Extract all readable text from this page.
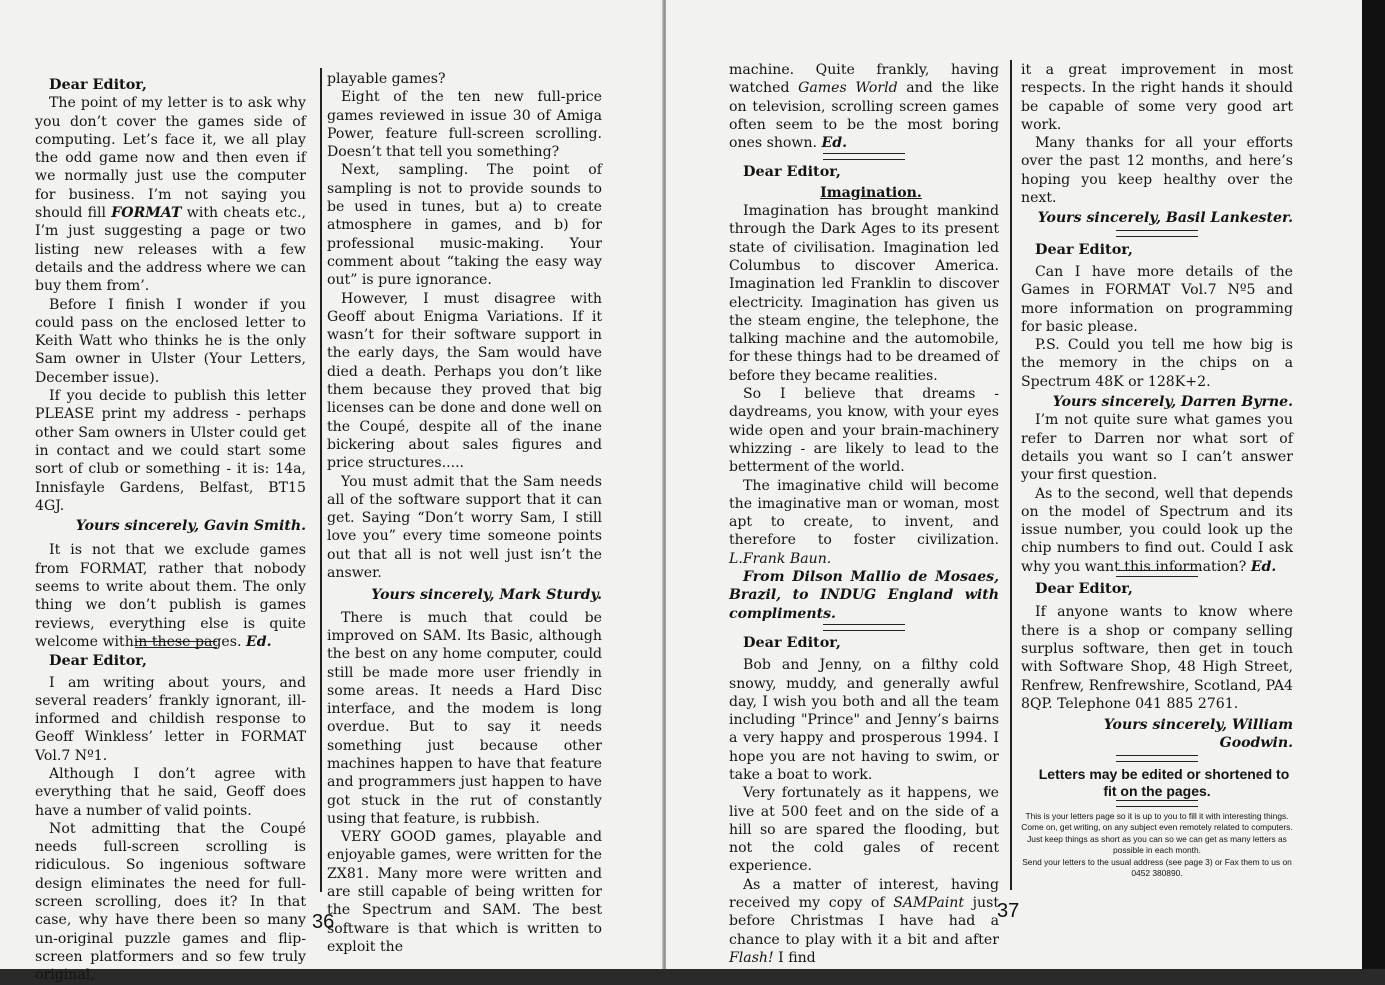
Dear Editor,

The point of my letter is to ask why you don’t cover the games side of computing. Let’s face it, we all play the odd game now and then even if we normally just use the computer for business. I’m not saying you should fill FORMAT with cheats etc., I’m just suggesting a page or two listing new releases with a few details and the address where we can buy them from’.

Before I finish I wonder if you could pass on the enclosed letter to Keith Watt who thinks he is the only Sam owner in Ulster (Your Letters, December issue).

If you decide to publish this letter PLEASE print my address - perhaps other Sam owners in Ulster could get in contact and we could start some sort of club or something - it is: 14a, Innisfayle Gardens, Belfast, BT15 4GJ.

Yours sincerely, Gavin Smith.

It is not that we exclude games from FORMAT, rather that nobody seems to write about them. The only thing we don’t publish is games reviews, everything else is quite welcome within these pages. Ed.

Dear Editor,

I am writing about yours, and several readers’ frankly ignorant, ill-informed and childish response to Geoff Winkless’ letter in FORMAT Vol.7 Nº1.

Although I don’t agree with everything that he said, Geoff does have a number of valid points.

Not admitting that the Coupé needs full-screen scrolling is ridiculous. So ingenious software design eliminates the need for full-screen scrolling, does it? In that case, why have there been so many un-original puzzle games and flip-screen platformers and so few truly original,

playable games?

Eight of the ten new full-price games reviewed in issue 30 of Amiga Power, feature full-screen scrolling. Doesn’t that tell you something?

Next, sampling. The point of sampling is not to provide sounds to be used in tunes, but a) to create atmosphere in games, and b) for professional music-making. Your comment about “taking the easy way out” is pure ignorance.

However, I must disagree with Geoff about Enigma Variations. If it wasn’t for their software support in the early days, the Sam would have died a death. Perhaps you don’t like them because they proved that big licenses can be done and done well on the Coupé, despite all of the inane bickering about sales figures and price structures.....

You must admit that the Sam needs all of the software support that it can get. Saying “Don’t worry Sam, I still love you” every time someone points out that all is not well just isn’t the answer.

Yours sincerely, Mark Sturdy.

There is much that could be improved on SAM. Its Basic, although the best on any home computer, could still be made more user friendly in some areas. It needs a Hard Disc interface, and the modem is long overdue. But to say it needs something just because other machines happen to have that feature and programmers just happen to have got stuck in the rut of constantly using that feature, is rubbish.

VERY GOOD games, playable and enjoyable games, were written for the ZX81. Many more were written and are still capable of being written for the Spectrum and SAM. The best software is that which is written to exploit the

36

machine. Quite frankly, having watched Games World and the like on television, scrolling screen games often seem to be the most boring ones shown. Ed.

Dear Editor,

Imagination.

Imagination has brought mankind through the Dark Ages to its present state of civilisation. Imagination led Columbus to discover America. Imagination led Franklin to discover electricity. Imagination has given us the steam engine, the telephone, the talking machine and the automobile, for these things had to be dreamed of before they became realities.

So I believe that dreams - daydreams, you know, with your eyes wide open and your brain-machinery whizzing - are likely to lead to the betterment of the world.

The imaginative child will become the imaginative man or woman, most apt to create, to invent, and therefore to foster civilization. L.Frank Baun.

From Dilson Mallio de Mosaes, Brazil, to INDUG England with compliments.

Dear Editor,

Bob and Jenny, on a filthy cold snowy, muddy, and generally awful day, I wish you both and all the team including "Prince" and Jenny’s bairns a very happy and prosperous 1994. I hope you are not having to swim, or take a boat to work.

Very fortunately as it happens, we live at 500 feet and on the side of a hill so are spared the flooding, but not the cold gales of recent experience.

As a matter of interest, having received my copy of SAMPaint just before Christmas I have had a chance to play with it a bit and after Flash! I find

it a great improvement in most respects. In the right hands it should be capable of some very good art work.

Many thanks for all your efforts over the past 12 months, and here’s hoping you keep healthy over the next.

Yours sincerely, Basil Lankester.

Dear Editor,

Can I have more details of the Games in FORMAT Vol.7 Nº5 and more information on programming for basic please.

P.S. Could you tell me how big is the memory in the chips on a Spectrum 48K or 128K+2.

Yours sincerely, Darren Byrne.

I’m not quite sure what games you refer to Darren nor what sort of details you want so I can’t answer your first question.

As to the second, well that depends on the model of Spectrum and its issue number, you could look up the chip numbers to find out. Could I ask why you want this information? Ed.

Dear Editor,

If anyone wants to know where there is a shop or company selling surplus software, then get in touch with Software Shop, 48 High Street, Renfrew, Renfrewshire, Scotland, PA4 8QP. Telephone 041 885 2761.

Yours sincerely, William Goodwin.

Letters may be edited or shortened to fit on the pages.

This is your letters page so it is up to you to fill it with interesting things. Come on, get writing, on any subject even remotely related to computers. Just keep things as short as you can so we can get as many letters as possible in each month.

Send your letters to the usual address (see page 3) or Fax them to us on 0452 380890.

37
